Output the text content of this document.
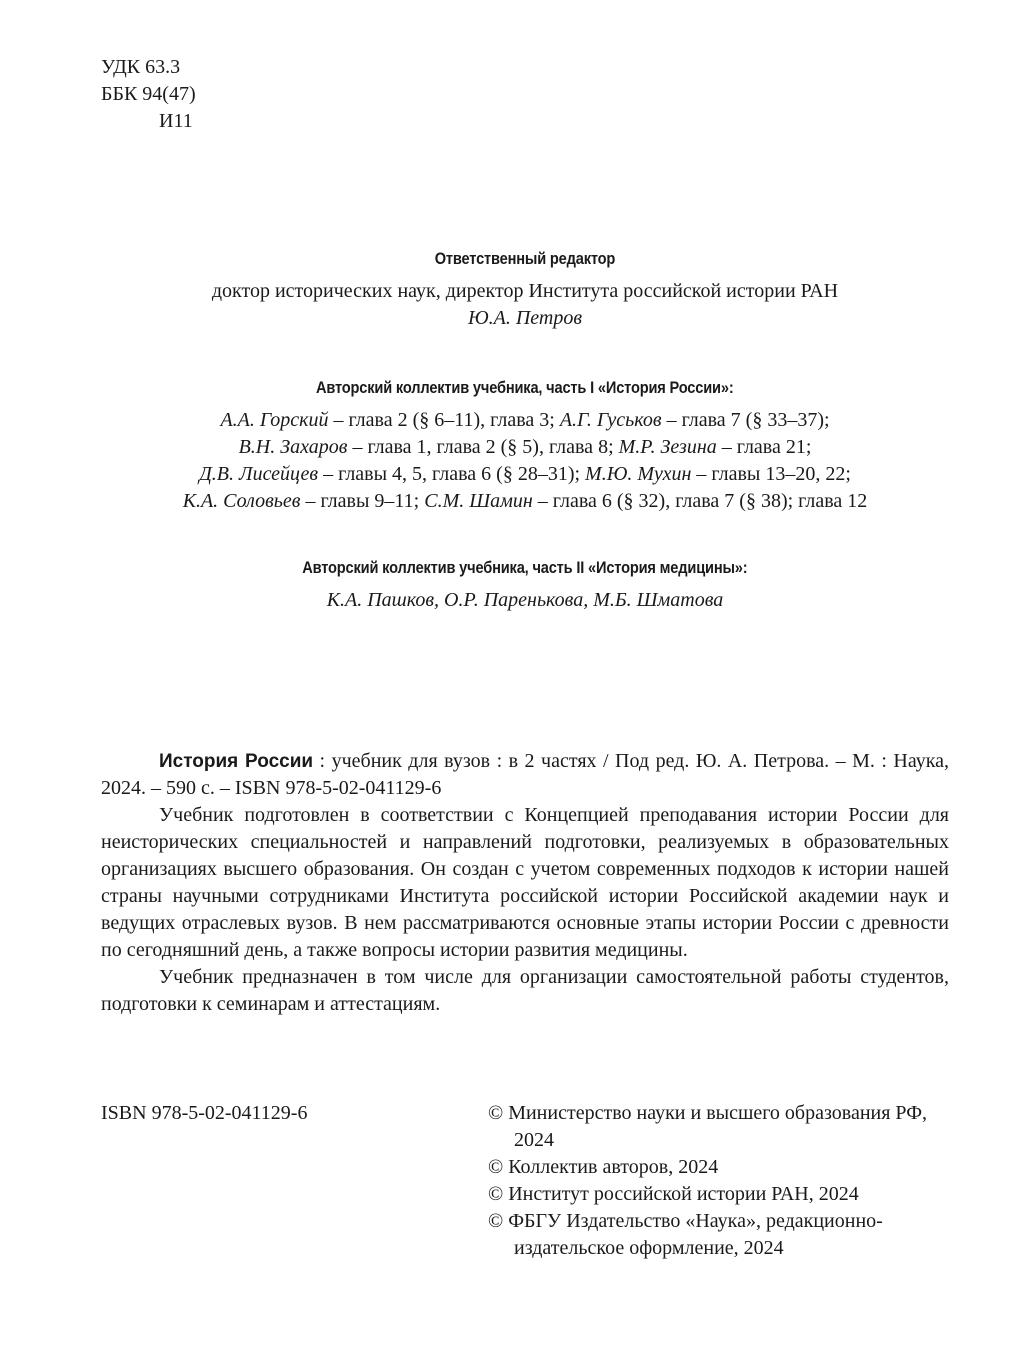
УДК 63.3
ББК 94(47)
И11
Ответственный редактор
доктор исторических наук, директор Института российской истории РАН
Ю.А. Петров
Авторский коллектив учебника, часть I «История России»:
А.А. Горский – глава 2 (§ 6–11), глава 3; А.Г. Гуськов – глава 7 (§ 33–37);
В.Н. Захаров – глава 1, глава 2 (§ 5), глава 8; М.Р. Зезина – глава 21;
Д.В. Лисейцев – главы 4, 5, глава 6 (§ 28–31); М.Ю. Мухин – главы 13–20, 22;
К.А. Соловьев – главы 9–11; С.М. Шамин – глава 6 (§ 32), глава 7 (§ 38); глава 12
Авторский коллектив учебника, часть II «История медицины»:
К.А. Пашков, О.Р. Паренькова, М.Б. Шматова

История России : учебник для вузов : в 2 частях / Под ред. Ю. А. Петрова. – М. : Наука, 2024. – 590 с. – ISBN 978-5-02-041129-6

Учебник подготовлен в соответствии с Концепцией преподавания истории России для неисторических специальностей и направлений подготовки, реализуемых в образовательных организациях высшего образования. Он создан с учетом современных подходов к истории нашей страны научными сотрудниками Института российской истории Российской академии наук и ведущих отраслевых вузов. В нем рассматриваются основные этапы истории России с древности по сегодняшний день, а также вопросы истории развития медицины.

Учебник предназначен в том числе для организации самостоятельной работы студентов, подготовки к семинарам и аттестациям.

ISBN 978-5-02-041129-6	© Министерство науки и высшего образования РФ, 2024
© Коллектив авторов, 2024
© Институт российской истории РАН, 2024
© ФБГУ Издательство «Наука», редакционно-издательское оформление, 2024
